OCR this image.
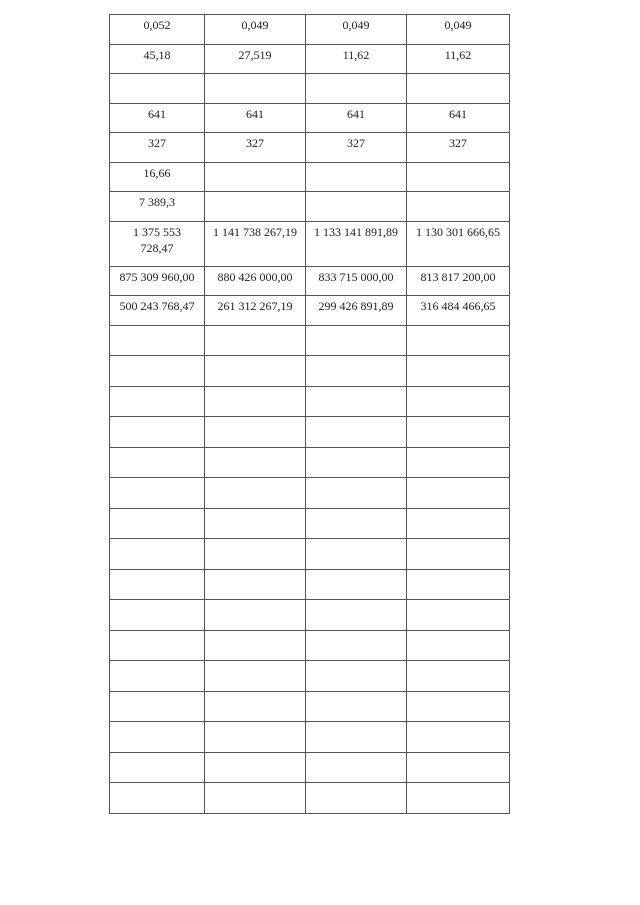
0,052	0,049	0,049	0,049
45,18	27,519	11,62	11,62

641	641	641	641
327	327	327	327
16,66			
7 389,3			
1 375 553 728,47	1 141 738 267,19	1 133 141 891,89	1 130 301 666,65
875 309 960,00	880 426 000,00	833 715 000,00	813 817 200,00
500 243 768,47	261 312 267,19	299 426 891,89	316 484 466,65
